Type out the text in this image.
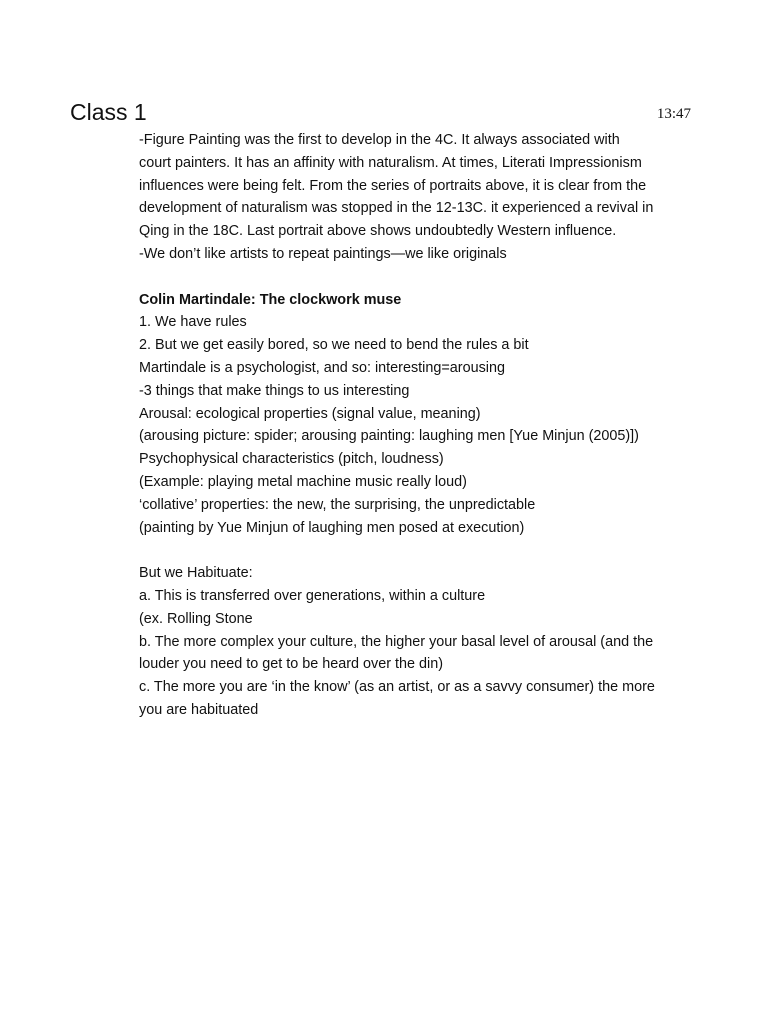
Class 1	13:47
-Figure Painting was the first to develop in the 4C. It always associated with
court painters. It has an affinity with naturalism. At times, Literati Impressionism
influences were being felt. From the series of portraits above, it is clear from the
development of naturalism was stopped in the 12-13C. it experienced a revival in
Qing in the 18C. Last portrait above shows undoubtedly Western influence.
-We don’t like artists to repeat paintings—we like originals
Colin Martindale: The clockwork muse
1. We have rules
2. But we get easily bored, so we need to bend the rules a bit
Martindale is a psychologist, and so: interesting=arousing
-3 things that make things to us interesting
Arousal: ecological properties (signal value, meaning)
(arousing picture: spider; arousing painting: laughing men [Yue Minjun (2005)])
Psychophysical characteristics (pitch, loudness)
(Example: playing metal machine music really loud)
‘collative’ properties: the new, the surprising, the unpredictable
(painting by Yue Minjun of laughing men posed at execution)
But we Habituate:
a. This is transferred over generations, within a culture
(ex. Rolling Stone
b. The more complex your culture, the higher your basal level of arousal (and the
louder you need to get to be heard over the din)
c. The more you are ‘in the know’ (as an artist, or as a savvy consumer) the more
you are habituated
